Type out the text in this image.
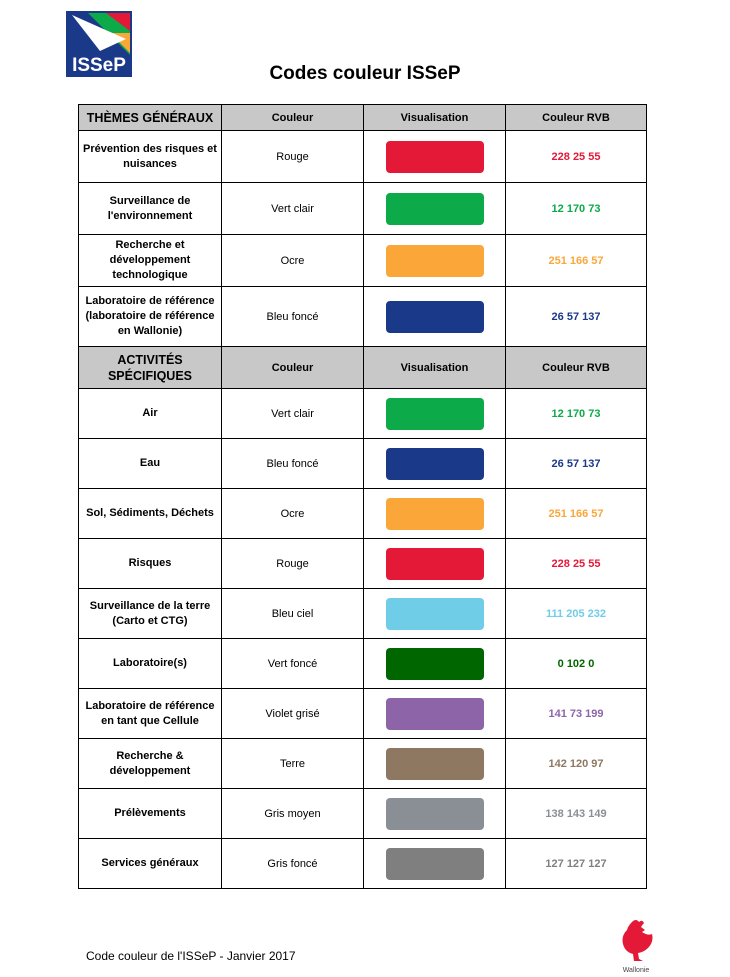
ISSeP	Codes couleur ISSeP
THÈMES GÉNÉRAUX	Couleur	Visualisation	Couleur RVB
Prévention des risques et nuisances	Rouge		228 25 55
Surveillance de l'environnement	Vert clair		12 170 73
Recherche et développement technologique	Ocre		251 166 57
Laboratoire de référence (laboratoire de référence en Wallonie)	Bleu foncé		26 57 137
ACTIVITÉS SPÉCIFIQUES	Couleur	Visualisation	Couleur RVB
Air	Vert clair		12 170 73
Eau	Bleu foncé		26 57 137
Sol, Sédiments, Déchets	Ocre		251 166 57
Risques	Rouge		228 25 55
Surveillance de la terre (Carto et CTG)	Bleu ciel		111 205 232
Laboratoire(s)	Vert foncé		0 102 0
Laboratoire de référence en tant que Cellule	Violet grisé		141 73 199
Recherche & développement	Terre		142 120 97
Prélèvements	Gris moyen		138 143 149
Services généraux	Gris foncé		127 127 127
Code couleur de l'ISSeP - Janvier 2017
Wallonie
